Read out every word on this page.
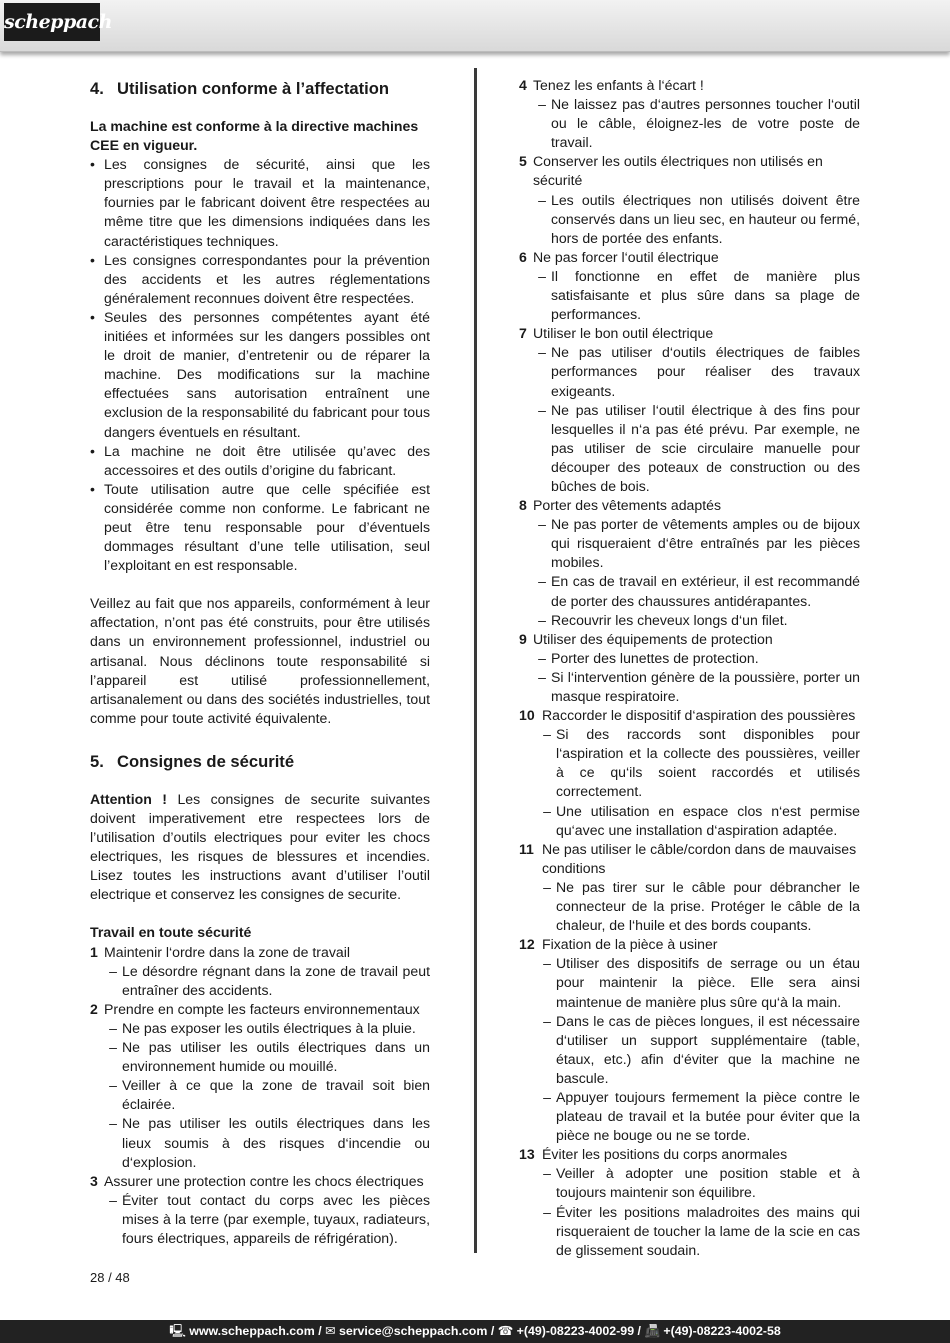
scheppach
4. Utilisation conforme à l’affectation

La machine est conforme à la directive machines CEE en vigueur.

• Les consignes de sécurité, ainsi que les prescriptions pour le travail et la maintenance, fournies par le fabricant doivent être respectées au même titre que les dimensions indiquées dans les caractéristiques techniques.
• Les consignes correspondantes pour la prévention des accidents et les autres réglementations généralement reconnues doivent être respectées.
• Seules des personnes compétentes ayant été initiées et informées sur les dangers possibles ont le droit de manier, d’entretenir ou de réparer la machine. Des modifications sur la machine effectuées sans autorisation entraînent une exclusion de la responsabilité du fabricant pour tous dangers éventuels en résultant.
• La machine ne doit être utilisée qu’avec des accessoires et des outils d’origine du fabricant.
• Toute utilisation autre que celle spécifiée est considérée comme non conforme. Le fabricant ne peut être tenu responsable pour d’éventuels dommages résultant d’une telle utilisation, seul l’exploitant en est responsable.

Veillez au fait que nos appareils, conformément à leur affectation, n’ont pas été construits, pour être utilisés dans un environnement professionnel, industriel ou artisanal. Nous déclinons toute responsabilité si l’appareil est utilisé professionnellement, artisanalement ou dans des sociétés industrielles, tout comme pour toute activité équivalente.

5. Consignes de sécurité

Attention ! Les consignes de securite suivantes doivent imperativement etre respectees lors de l’utilisation d’outils electriques pour eviter les chocs electriques, les risques de blessures et incendies. Lisez toutes les instructions avant d’utiliser l’outil electrique et conservez les consignes de securite.

Travail en toute sécurité

1 Maintenir l‘ordre dans la zone de travail
– Le désordre régnant dans la zone de travail peut entraîner des accidents.
2 Prendre en compte les facteurs environnementaux
– Ne pas exposer les outils électriques à la pluie.
– Ne pas utiliser les outils électriques dans un environnement humide ou mouillé.
– Veiller à ce que la zone de travail soit bien éclairée.
– Ne pas utiliser les outils électriques dans les lieux soumis à des risques d‘incendie ou d‘explosion.
3 Assurer une protection contre les chocs électriques
– Éviter tout contact du corps avec les pièces mises à la terre (par exemple, tuyaux, radiateurs, fours électriques, appareils de réfrigération).
4 Tenez les enfants à l‘écart !
– Ne laissez pas d‘autres personnes toucher l‘outil ou le câble, éloignez-les de votre poste de travail.
5 Conserver les outils électriques non utilisés en sécurité
– Les outils électriques non utilisés doivent être conservés dans un lieu sec, en hauteur ou fermé, hors de portée des enfants.
6 Ne pas forcer l‘outil électrique
– Il fonctionne en effet de manière plus satisfaisante et plus sûre dans sa plage de performances.
7 Utiliser le bon outil électrique
– Ne pas utiliser d‘outils électriques de faibles performances pour réaliser des travaux exigeants.
– Ne pas utiliser l‘outil électrique à des fins pour lesquelles il n‘a pas été prévu. Par exemple, ne pas utiliser de scie circulaire manuelle pour découper des poteaux de construction ou des bûches de bois.
8 Porter des vêtements adaptés
– Ne pas porter de vêtements amples ou de bijoux qui risqueraient d‘être entraînés par les pièces mobiles.
– En cas de travail en extérieur, il est recommandé de porter des chaussures antidérapantes.
– Recouvrir les cheveux longs d‘un filet.
9 Utiliser des équipements de protection
– Porter des lunettes de protection.
– Si l‘intervention génère de la poussière, porter un masque respiratoire.
10 Raccorder le dispositif d‘aspiration des poussières
– Si des raccords sont disponibles pour l‘aspiration et la collecte des poussières, veiller à ce qu‘ils soient raccordés et utilisés correctement.
– Une utilisation en espace clos n‘est permise qu‘avec une installation d‘aspiration adaptée.
11 Ne pas utiliser le câble/cordon dans de mauvaises conditions
– Ne pas tirer sur le câble pour débrancher le connecteur de la prise. Protéger le câble de la chaleur, de l‘huile et des bords coupants.
12 Fixation de la pièce à usiner
– Utiliser des dispositifs de serrage ou un étau pour maintenir la pièce. Elle sera ainsi maintenue de manière plus sûre qu‘à la main.
– Dans le cas de pièces longues, il est nécessaire d‘utiliser un support supplémentaire (table, étaux, etc.) afin d‘éviter que la machine ne bascule.
– Appuyer toujours fermement la pièce contre le plateau de travail et la butée pour éviter que la pièce ne bouge ou ne se torde.
13 Éviter les positions du corps anormales
– Veiller à adopter une position stable et à toujours maintenir son équilibre.
– Éviter les positions maladroites des mains qui risqueraient de toucher la lame de la scie en cas de glissement soudain.
28 / 48
🖳 www.scheppach.com / ✉ service@scheppach.com / ☎ +(49)-08223-4002-99 / 📠 +(49)-08223-4002-58
